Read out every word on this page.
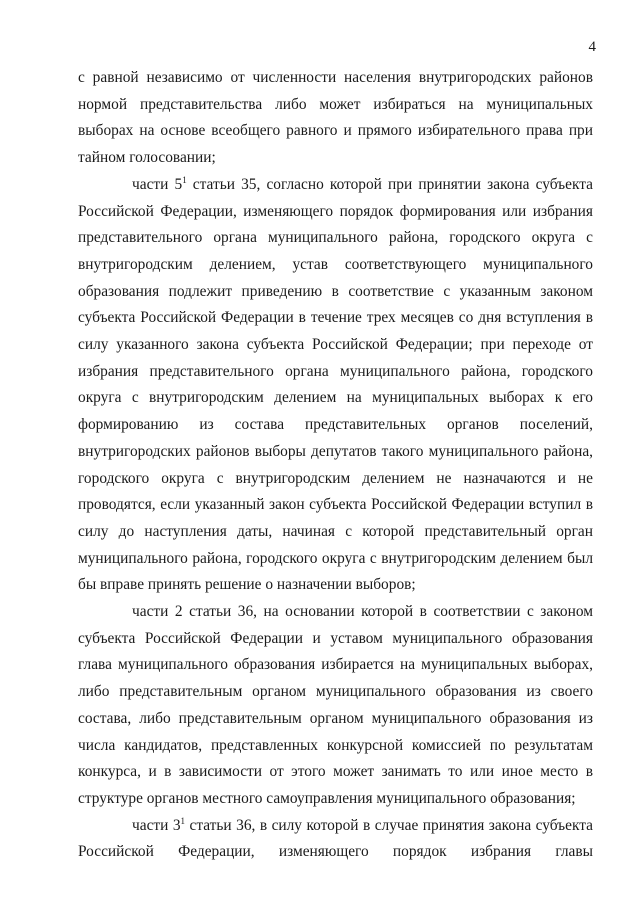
4

с равной независимо от численности населения внутригородских районов нормой представительства либо может избираться на муниципальных выборах на основе всеобщего равного и прямого избирательного права при тайном голосовании;

части $5^1$ статьи 35, согласно которой при принятии закона субъекта Российской Федерации, изменяющего порядок формирования или избрания представительного органа муниципального района, городского округа с внутригородским делением, устав соответствующего муниципального образования подлежит приведению в соответствие с указанным законом субъекта Российской Федерации в течение трех месяцев со дня вступления в силу указанного закона субъекта Российской Федерации; при переходе от избрания представительного органа муниципального района, городского округа с внутригородским делением на муниципальных выборах к его формированию из состава представительных органов поселений, внутригородских районов выборы депутатов такого муниципального района, городского округа с внутригородским делением не назначаются и не проводятся, если указанный закон субъекта Российской Федерации вступил в силу до наступления даты, начиная с которой представительный орган муниципального района, городского округа с внутригородским делением был бы вправе принять решение о назначении выборов;

части 2 статьи 36, на основании которой в соответствии с законом субъекта Российской Федерации и уставом муниципального образования глава муниципального образования избирается на муниципальных выборах, либо представительным органом муниципального образования из своего состава, либо представительным органом муниципального образования из числа кандидатов, представленных конкурсной комиссией по результатам конкурса, и в зависимости от этого может занимать то или иное место в структуре органов местного самоуправления муниципального образования;

части $3^1$ статьи 36, в силу которой в случае принятия закона субъекта Российской Федерации, изменяющего порядок избрания главы
